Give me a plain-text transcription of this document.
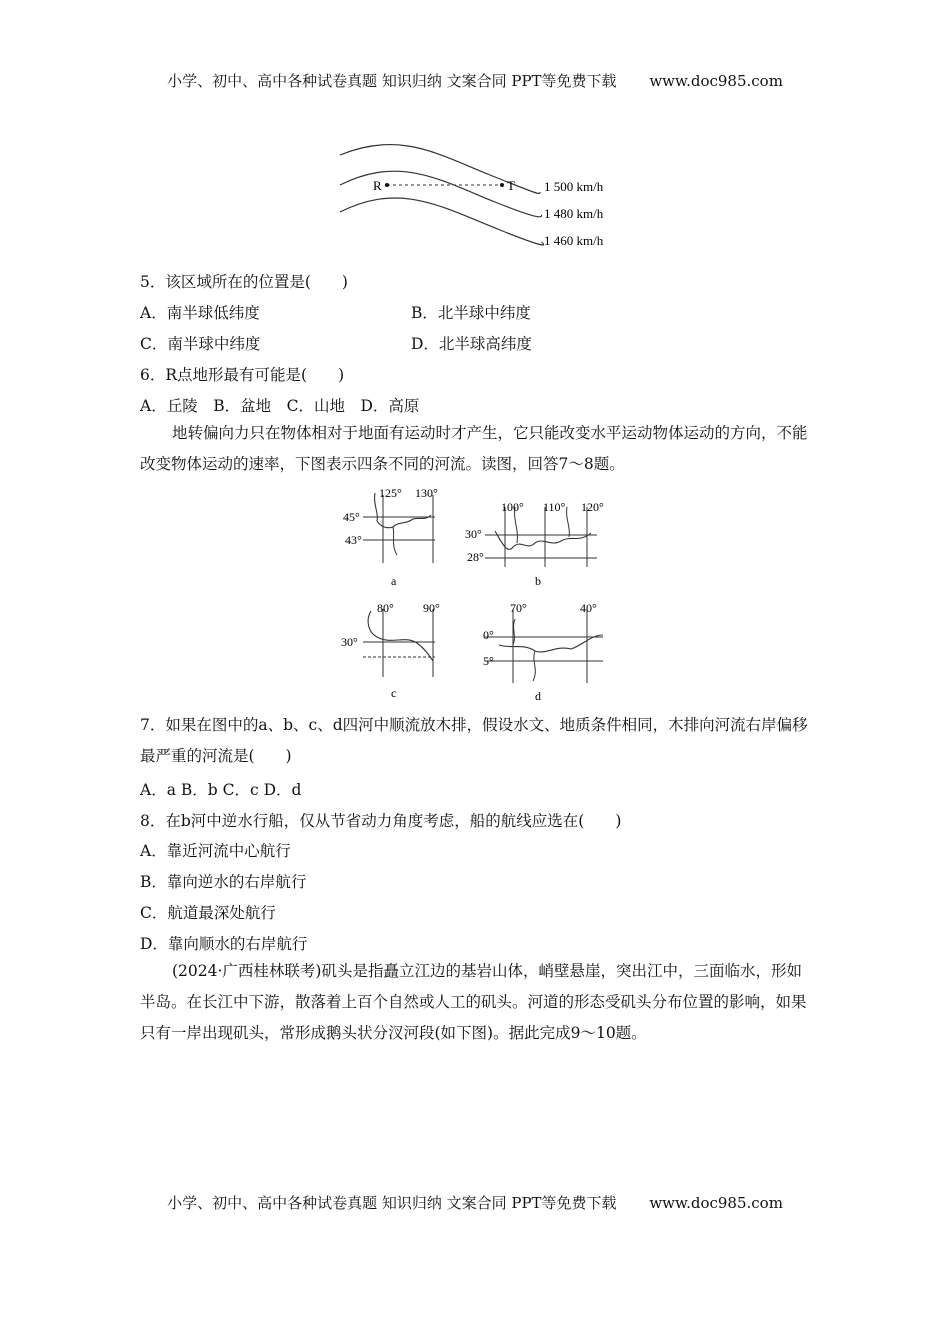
小学、初中、高中各种试卷真题 知识归纳 文案合同 PPT等免费下载 www.doc985.com
R	T 1 500 km/h
1 480 km/h
1 460 km/h
5．该区域所在的位置是(　　)
A．南半球低纬度	B．北半球中纬度
C．南半球中纬度	D．北半球高纬度
6．R点地形最有可能是(　　)
A．丘陵　B．盆地　C．山地　D．高原
地转偏向力只在物体相对于地面有运动时才产生，它只能改变水平运动物体运动的方向，不能改变物体运动的速率，下图表示四条不同的河流。读图，回答7～8题。
125° 130°
45°
43°
a
100° 110° 120°
30°
28°
b
80° 90°
30°
c
70°	40°
0°
5°
d
7．如果在图中的a、b、c、d四河中顺流放木排，假设水文、地质条件相同，木排向河流右岸偏移最严重的河流是(　　)
A．a B．b C．c D．d
8．在b河中逆水行船，仅从节省动力角度考虑，船的航线应选在(　　)
A．靠近河流中心航行
B．靠向逆水的右岸航行
C．航道最深处航行
D．靠向顺水的右岸航行
(2024·广西桂林联考)矶头是指矗立江边的基岩山体，峭壁悬崖，突出江中，三面临水，形如半岛。在长江中下游，散落着上百个自然或人工的矶头。河道的形态受矶头分布位置的影响，如果只有一岸出现矶头，常形成鹅头状分汊河段(如下图)。据此完成9～10题。
小学、初中、高中各种试卷真题 知识归纳 文案合同 PPT等免费下载 www.doc985.com
